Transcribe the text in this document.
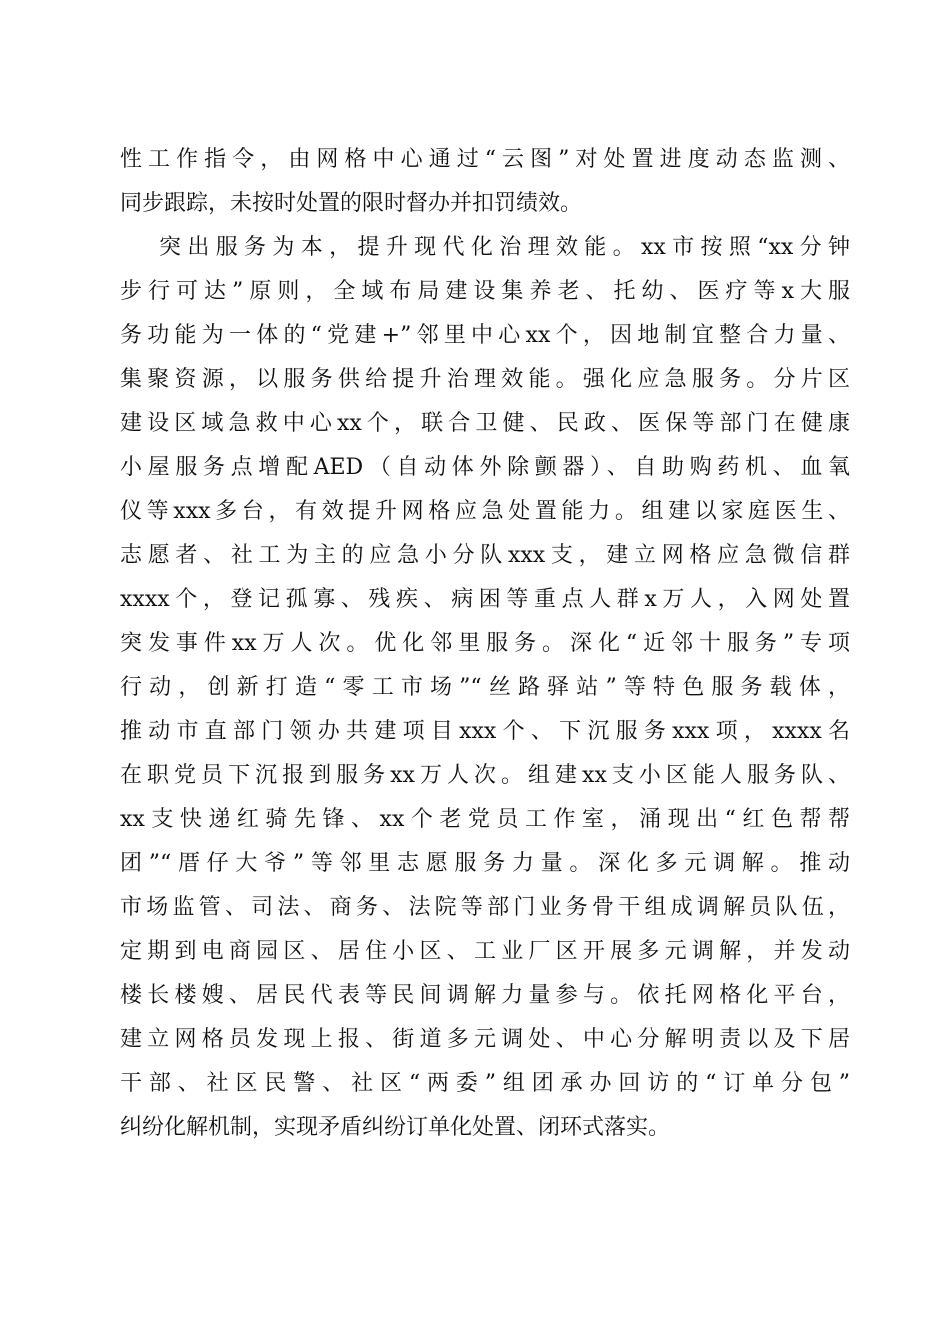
性工作指令，由网格中心通过“云图”对处置进度动态监测、
同步跟踪，未按时处置的限时督办并扣罚绩效。
突出服务为本，提升现代化治理效能。xx市按照“xx分钟
步行可达”原则，全域布局建设集养老、托幼、医疗等x大服
务功能为一体的“党建+”邻里中心xx个，因地制宜整合力量、
集聚资源，以服务供给提升治理效能。强化应急服务。分片区
建设区域急救中心xx个，联合卫健、民政、医保等部门在健康
小屋服务点增配AED（自动体外除颤器）、自助购药机、血氧
仪等xxx多台，有效提升网格应急处置能力。组建以家庭医生、
志愿者、社工为主的应急小分队xxx支，建立网格应急微信群
xxxx个，登记孤寡、残疾、病困等重点人群x万人，入网处置
突发事件xx万人次。优化邻里服务。深化“近邻十服务”专项
行动，创新打造“零工市场”“丝路驿站”等特色服务载体，
推动市直部门领办共建项目xxx个、下沉服务xxx项，xxxx名
在职党员下沉报到服务xx万人次。组建xx支小区能人服务队、
xx支快递红骑先锋、xx个老党员工作室，涌现出“红色帮帮
团”“厝仔大爷”等邻里志愿服务力量。深化多元调解。推动
市场监管、司法、商务、法院等部门业务骨干组成调解员队伍，
定期到电商园区、居住小区、工业厂区开展多元调解，并发动
楼长楼嫂、居民代表等民间调解力量参与。依托网格化平台，
建立网格员发现上报、街道多元调处、中心分解明责以及下居
干部、社区民警、社区“两委”组团承办回访的“订单分包”
纠纷化解机制，实现矛盾纠纷订单化处置、闭环式落实。
